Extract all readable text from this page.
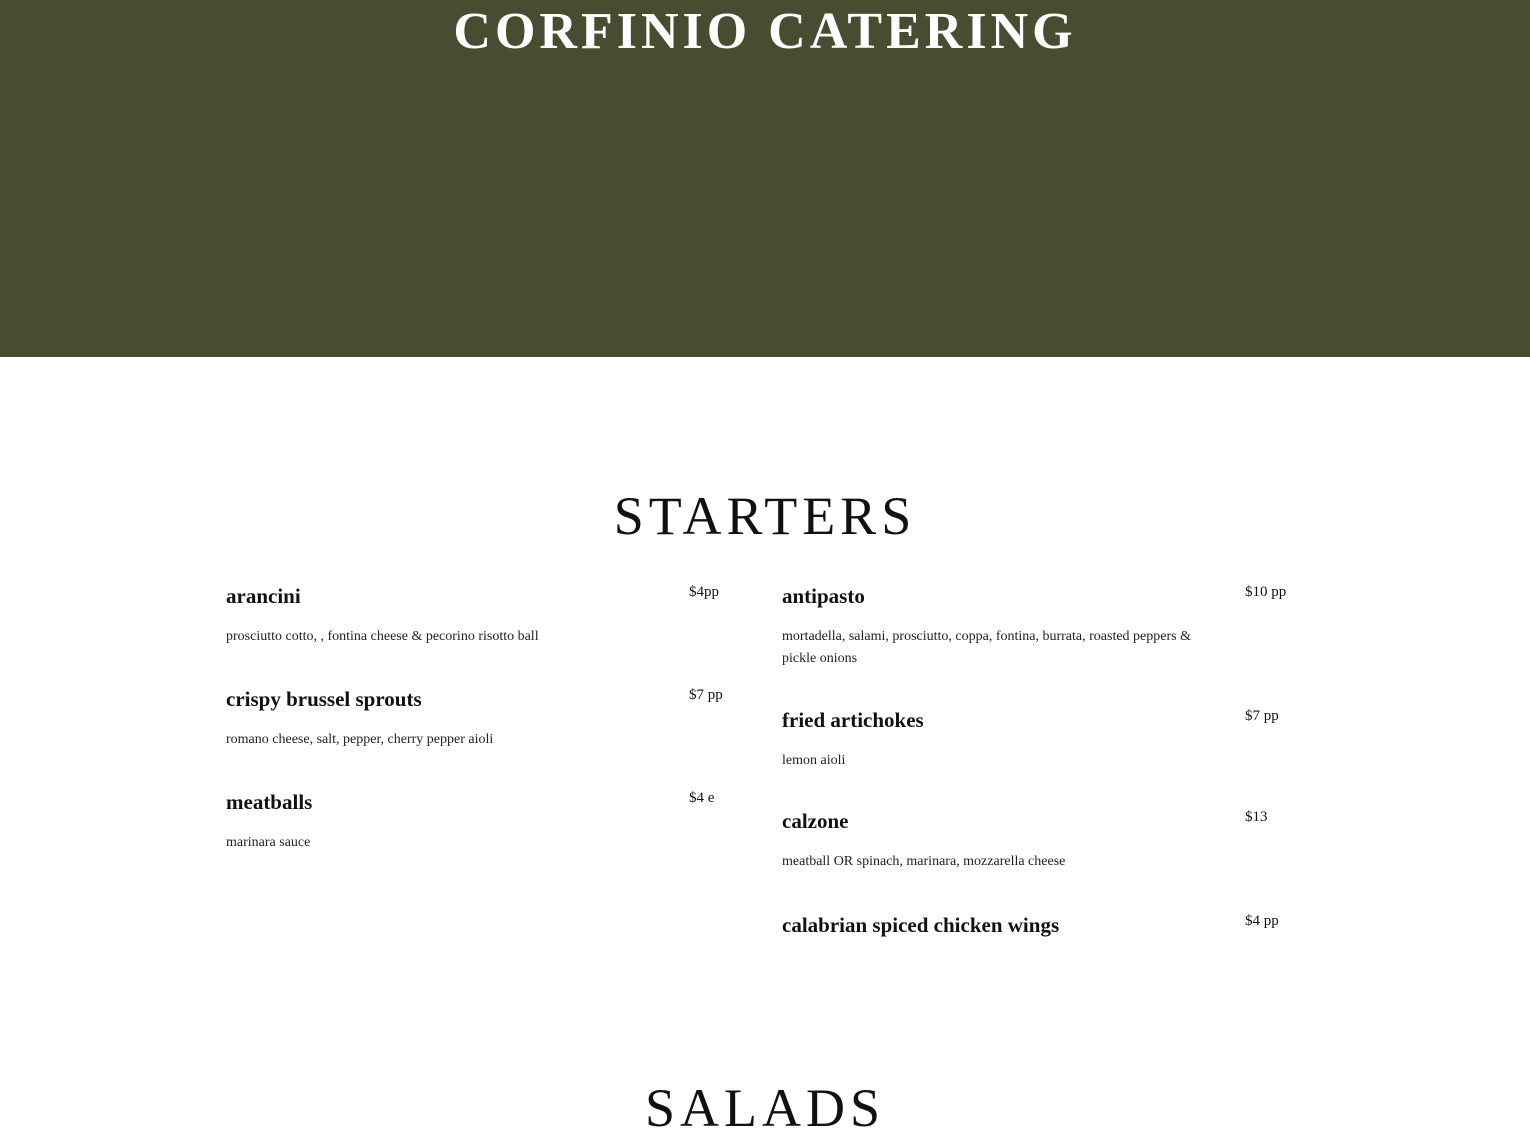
CORFINIO CATERING
STARTERS
arancini	$4pp
prosciutto cotto, , fontina cheese & pecorino risotto ball
crispy brussel sprouts	$7 pp
romano cheese, salt, pepper, cherry pepper aioli
meatballs	$4 e
marinara sauce
antipasto	$10 pp
mortadella, salami, prosciutto, coppa, fontina, burrata, roasted peppers & pickle onions
fried artichokes	$7 pp
lemon aioli
calzone	$13
meatball OR spinach, marinara, mozzarella cheese
calabrian spiced chicken wings	$4 pp
SALADS
